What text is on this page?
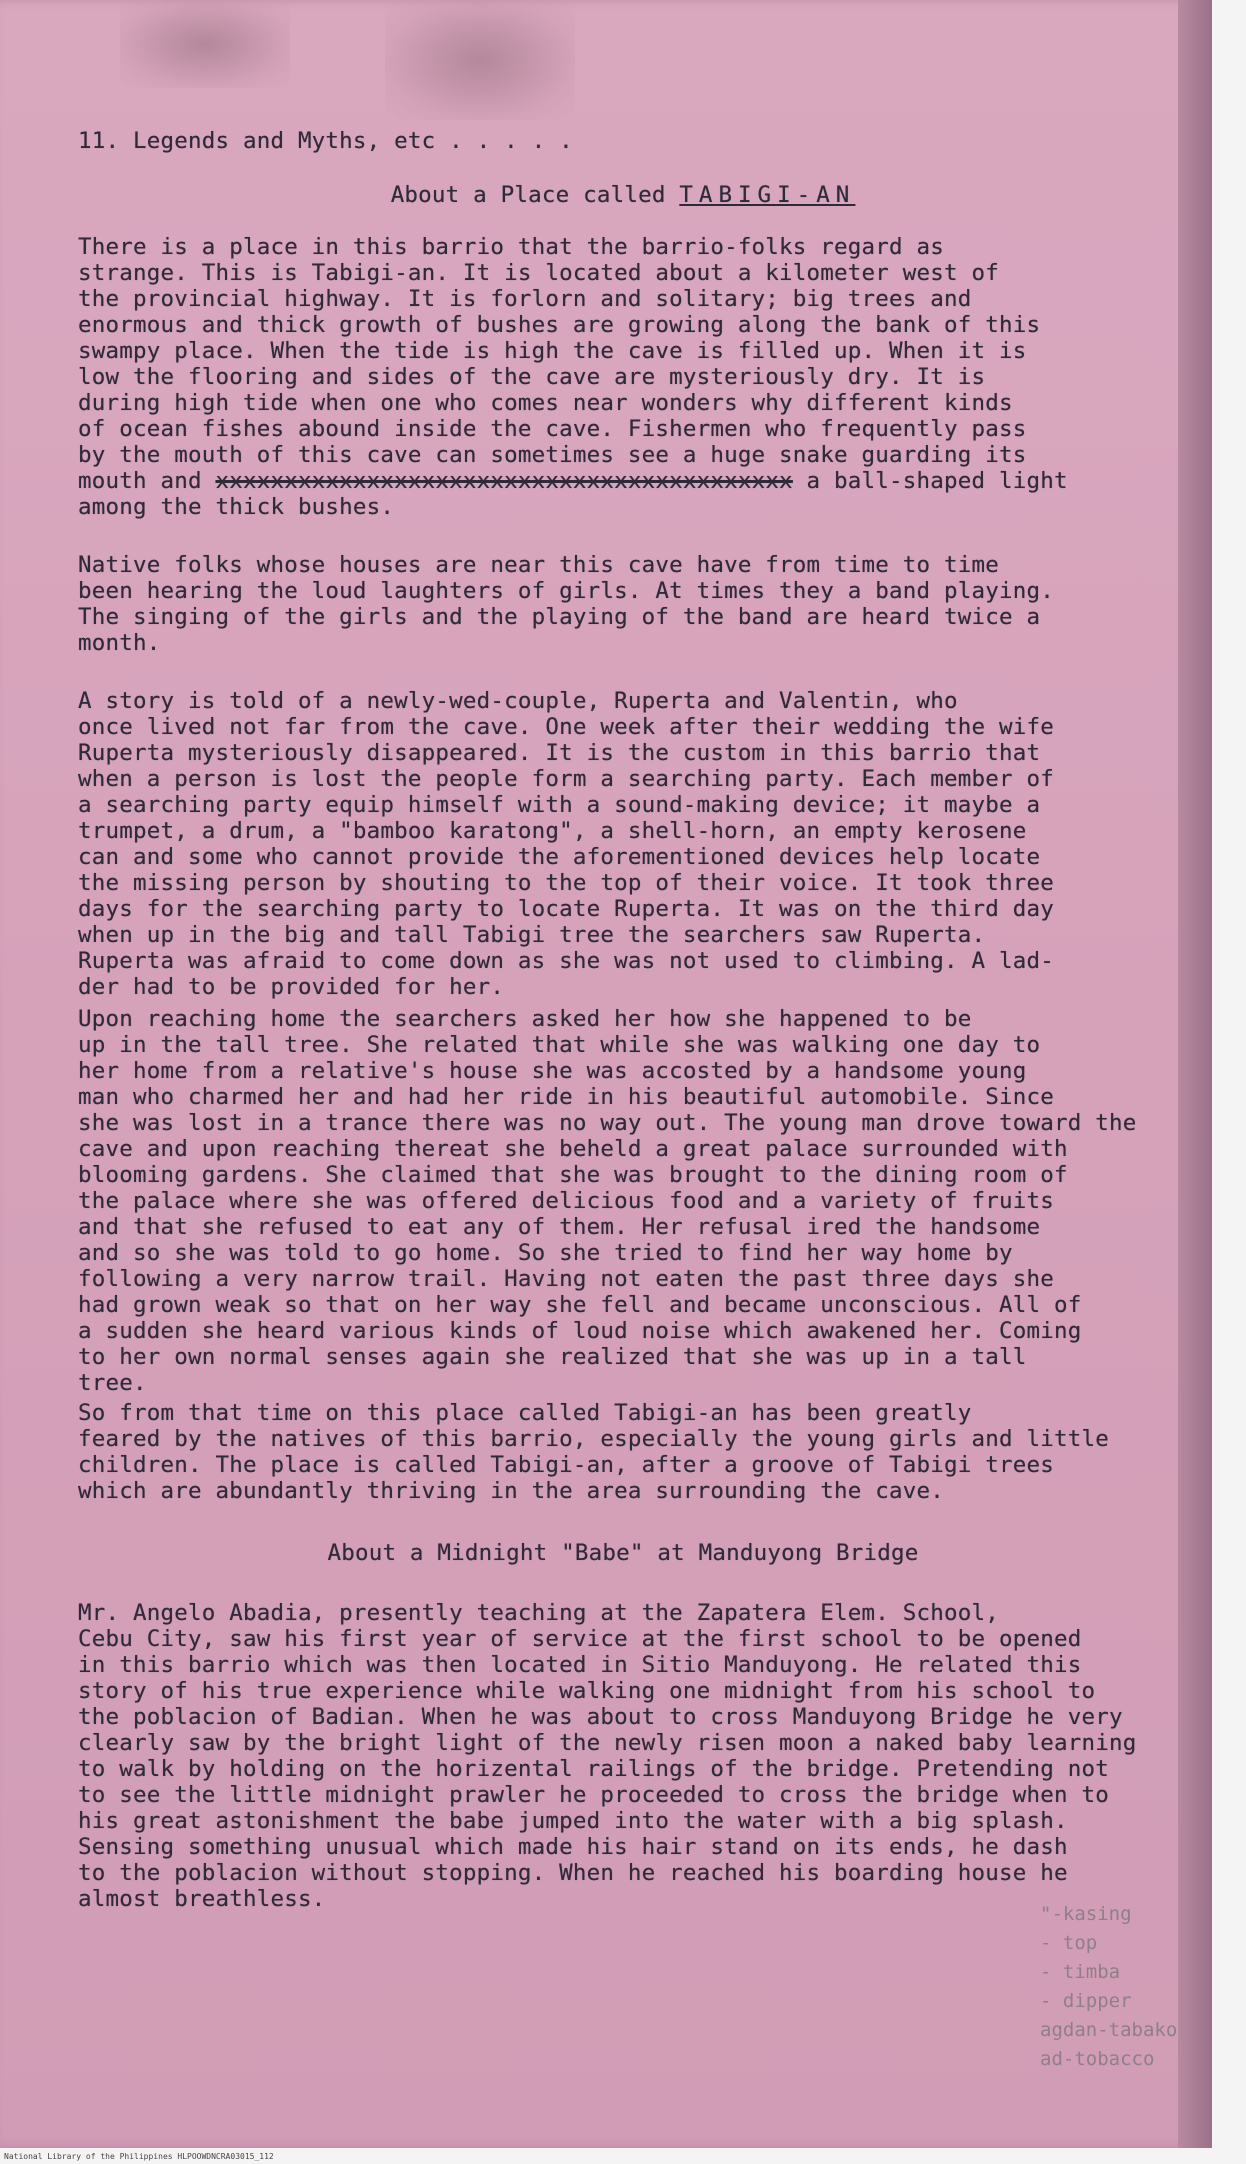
11. Legends and Myths, etc . . . . .

About a Place called TABIGI-AN

There is a place in this barrio that the barrio-folks regard as
strange. This is Tabigi-an. It is located about a kilometer west of
the provincial highway. It is forlorn and solitary; big trees and
enormous and thick growth of bushes are growing along the bank of this
swampy place. When the tide is high the cave is filled up. When it is
low the flooring and sides of the cave are mysteriously dry. It is
during high tide when one who comes near wonders why different kinds
of ocean fishes abound inside the cave. Fishermen who frequently pass
by the mouth of this cave can sometimes see a huge snake guarding its
mouth and xxxxxxxxxxxxxxxxxxxxxxxxxxxxxxxxxxxxxxxxxx a ball-shaped light
among the thick bushes.

Native folks whose houses are near this cave have from time to time
been hearing the loud laughters of girls. At times they a band playing.
The singing of the girls and the playing of the band are heard twice a
month.

A story is told of a newly-wed-couple, Ruperta and Valentin, who
once lived not far from the cave. One week after their wedding the wife
Ruperta mysteriously disappeared. It is the custom in this barrio that
when a person is lost the people form a searching party. Each member of
a searching party equip himself with a sound-making device; it maybe a
trumpet, a drum, a "bamboo karatong", a shell-horn, an empty kerosene
can and some who cannot provide the aforementioned devices help locate
the missing person by shouting to the top of their voice. It took three
days for the searching party to locate Ruperta. It was on the third day
when up in the big and tall Tabigi tree the searchers saw Ruperta.
Ruperta was afraid to come down as she was not used to climbing. A lad-
der had to be provided for her.

Upon reaching home the searchers asked her how she happened to be
up in the tall tree. She related that while she was walking one day to
her home from a relative's house she was accosted by a handsome young
man who charmed her and had her ride in his beautiful automobile. Since
she was lost in a trance there was no way out. The young man drove toward the
cave and upon reaching thereat she beheld a great palace surrounded with
blooming gardens. She claimed that she was brought to the dining room of
the palace where she was offered delicious food and a variety of fruits
and that she refused to eat any of them. Her refusal ired the handsome
and so she was told to go home. So she tried to find her way home by
following a very narrow trail. Having not eaten the past three days she
had grown weak so that on her way she fell and became unconscious. All of
a sudden she heard various kinds of loud noise which awakened her. Coming
to her own normal senses again she realized that she was up in a tall
tree.

So from that time on this place called Tabigi-an has been greatly
feared by the natives of this barrio, especially the young girls and little
children. The place is called Tabigi-an, after a groove of Tabigi trees
which are abundantly thriving in the area surrounding the cave.

About a Midnight "Babe" at Manduyong Bridge

Mr. Angelo Abadia, presently teaching at the Zapatera Elem. School,
Cebu City, saw his first year of service at the first school to be opened
in this barrio which was then located in Sitio Manduyong. He related this
story of his true experience while walking one midnight from his school to
the poblacion of Badian. When he was about to cross Manduyong Bridge he very
clearly saw by the bright light of the newly risen moon a naked baby learning
to walk by holding on the horizental railings of the bridge. Pretending not
to see the little midnight prawler he proceeded to cross the bridge when to
his great astonishment the babe jumped into the water with a big splash.
Sensing something unusual which made his hair stand on its ends, he dash
to the poblacion without stopping. When he reached his boarding house he
almost breathless.

"-kasing
- top
- timba
- dipper
agdan-tabako
ad-tobacco
National Library of the Philippines HLPOOWDNCRA03015_112
